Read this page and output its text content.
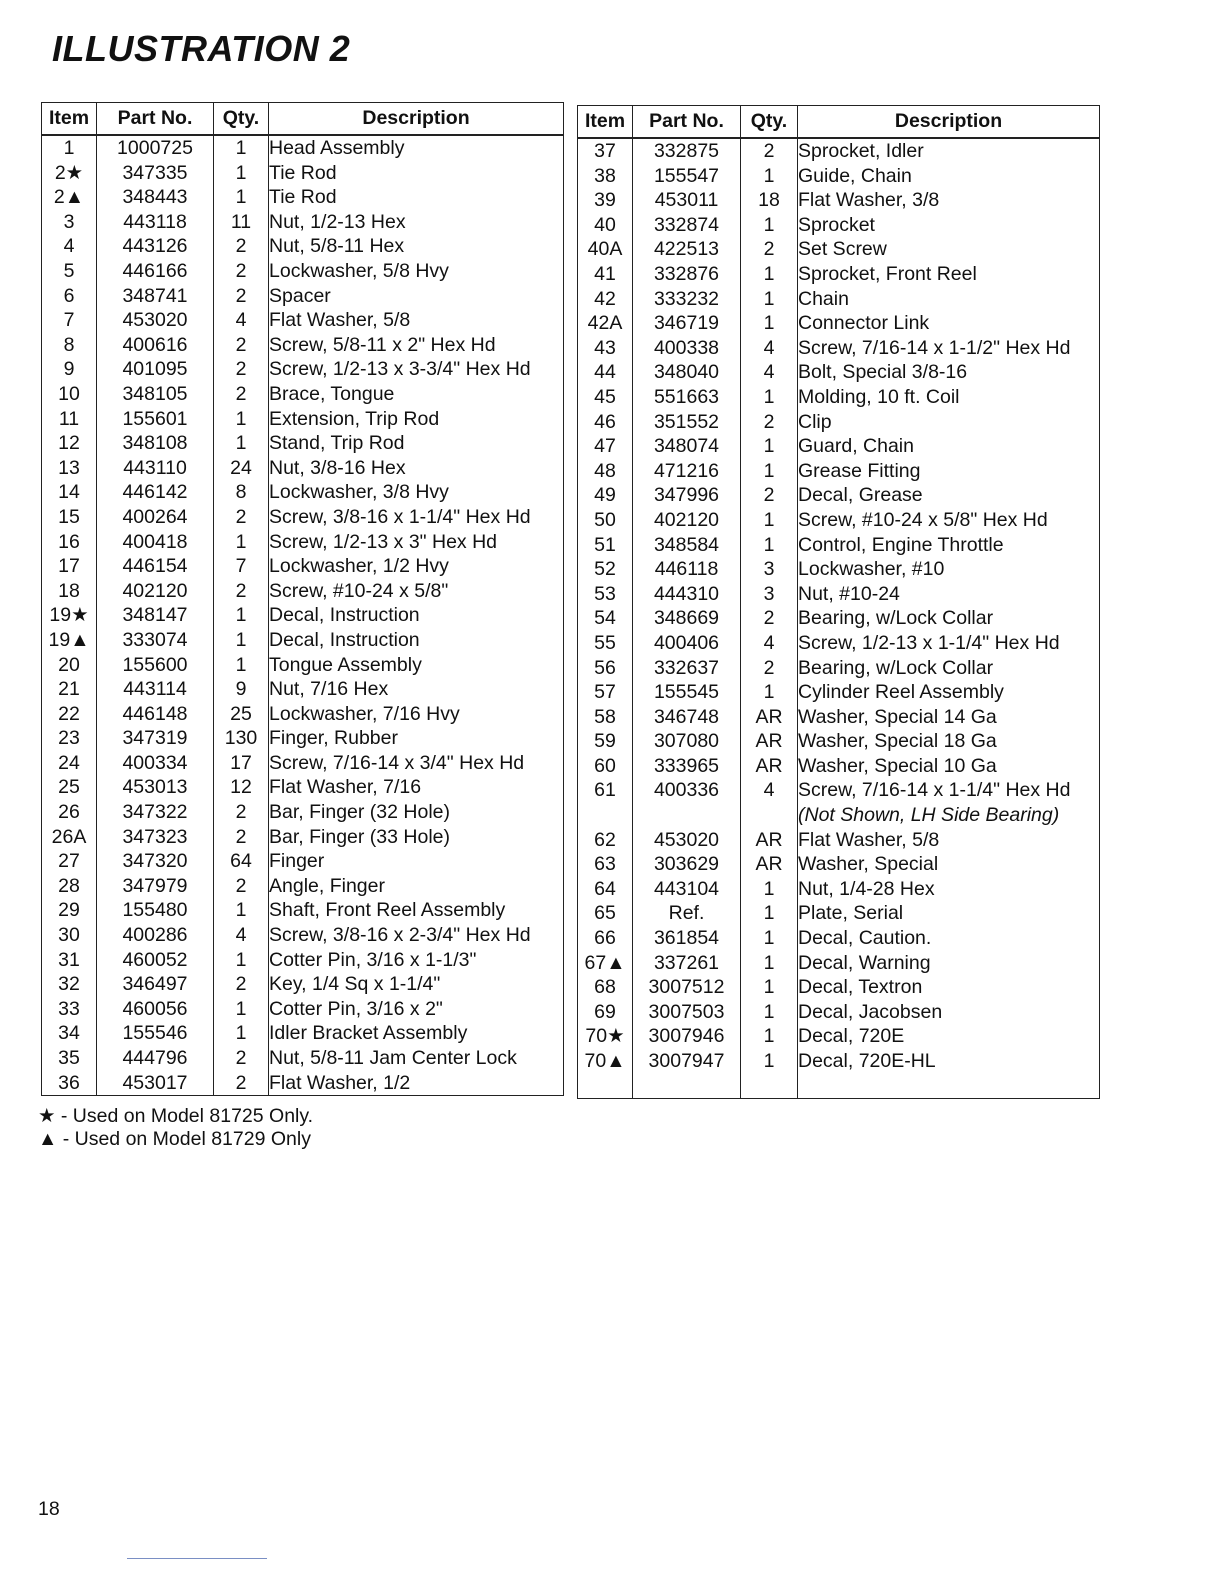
ILLUSTRATION 2
Item	Part No.	Qty.	Description
1	1000725	1	Head Assembly
2★	347335	1	Tie Rod
2▲	348443	1	Tie Rod
3	443118	11	Nut, 1/2-13 Hex
4	443126	2	Nut, 5/8-11 Hex
5	446166	2	Lockwasher, 5/8 Hvy
6	348741	2	Spacer
7	453020	4	Flat Washer, 5/8
8	400616	2	Screw, 5/8-11 x 2" Hex Hd
9	401095	2	Screw, 1/2-13 x 3-3/4" Hex Hd
10	348105	2	Brace, Tongue
11	155601	1	Extension, Trip Rod
12	348108	1	Stand, Trip Rod
13	443110	24	Nut, 3/8-16 Hex
14	446142	8	Lockwasher, 3/8 Hvy
15	400264	2	Screw, 3/8-16 x 1-1/4" Hex Hd
16	400418	1	Screw, 1/2-13 x 3" Hex Hd
17	446154	7	Lockwasher, 1/2 Hvy
18	402120	2	Screw, #10-24 x 5/8"
19★	348147	1	Decal, Instruction
19▲	333074	1	Decal, Instruction
20	155600	1	Tongue Assembly
21	443114	9	Nut, 7/16 Hex
22	446148	25	Lockwasher, 7/16 Hvy
23	347319	130	Finger, Rubber
24	400334	17	Screw, 7/16-14 x 3/4" Hex Hd
25	453013	12	Flat Washer, 7/16
26	347322	2	Bar, Finger (32 Hole)
26A	347323	2	Bar, Finger (33 Hole)
27	347320	64	Finger
28	347979	2	Angle, Finger
29	155480	1	Shaft, Front Reel Assembly
30	400286	4	Screw, 3/8-16 x 2-3/4" Hex Hd
31	460052	1	Cotter Pin, 3/16 x 1-1/3"
32	346497	2	Key, 1/4 Sq x 1-1/4"
33	460056	1	Cotter Pin, 3/16 x 2"
34	155546	1	Idler Bracket Assembly
35	444796	2	Nut, 5/8-11 Jam Center Lock
36	453017	2	Flat Washer, 1/2
Item	Part No.	Qty.	Description
37	332875	2	Sprocket, Idler
38	155547	1	Guide, Chain
39	453011	18	Flat Washer, 3/8
40	332874	1	Sprocket
40A	422513	2	Set Screw
41	332876	1	Sprocket, Front Reel
42	333232	1	Chain
42A	346719	1	Connector Link
43	400338	4	Screw, 7/16-14 x 1-1/2" Hex Hd
44	348040	4	Bolt, Special 3/8-16
45	551663	1	Molding, 10 ft. Coil
46	351552	2	Clip
47	348074	1	Guard, Chain
48	471216	1	Grease Fitting
49	347996	2	Decal, Grease
50	402120	1	Screw, #10-24 x 5/8" Hex Hd
51	348584	1	Control, Engine Throttle
52	446118	3	Lockwasher, #10
53	444310	3	Nut, #10-24
54	348669	2	Bearing, w/Lock Collar
55	400406	4	Screw, 1/2-13 x 1-1/4" Hex Hd
56	332637	2	Bearing, w/Lock Collar
57	155545	1	Cylinder Reel Assembly
58	346748	AR	Washer, Special 14 Ga
59	307080	AR	Washer, Special 18 Ga
60	333965	AR	Washer, Special 10 Ga
61	400336	4	Screw, 7/16-14 x 1-1/4" Hex Hd
			(Not Shown, LH Side Bearing)
62	453020	AR	Flat Washer, 5/8
63	303629	AR	Washer, Special
64	443104	1	Nut, 1/4-28 Hex
65	Ref.	1	Plate, Serial
66	361854	1	Decal, Caution.
67▲	337261	1	Decal, Warning
68	3007512	1	Decal, Textron
69	3007503	1	Decal, Jacobsen
70★	3007946	1	Decal, 720E
70▲	3007947	1	Decal, 720E-HL

★ - Used on Model 81725 Only.
▲ - Used on Model 81729 Only
18
